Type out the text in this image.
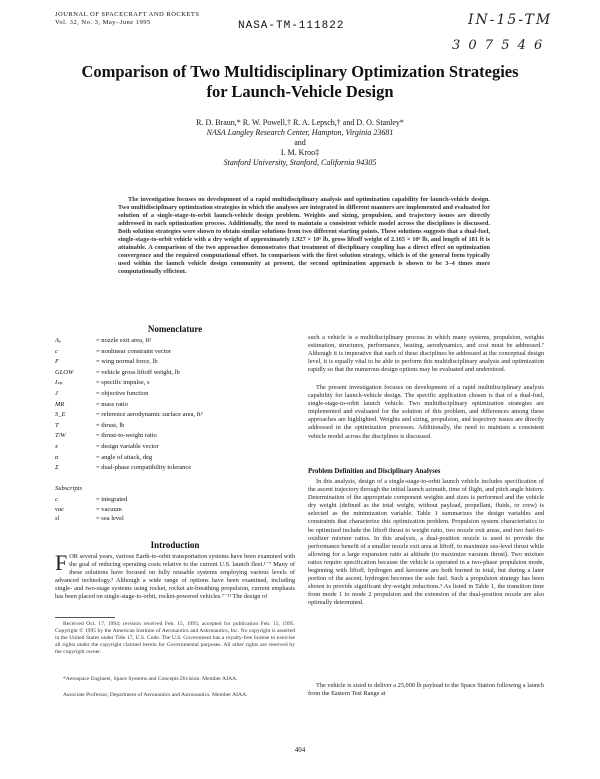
JOURNAL OF SPACECRAFT AND ROCKETS
Vol. 32, No. 3, May–June 1995	NASA-TM-111822	IN-15-TM
3 0 7 5 4 6
Comparison of Two Multidisciplinary Optimization Strategies
for Launch-Vehicle Design
R. D. Braun,* R. W. Powell,† R. A. Lepsch,† and D. O. Stanley*
NASA Langley Research Center, Hampton, Virginia 23681
and
I. M. Kroo‡
Stanford University, Stanford, California 94305
The investigation focuses on development of a rapid multidisciplinary analysis and optimization capability for launch-vehicle design. Two multidisciplinary optimization strategies in which the analyses are integrated in different manners are implemented and evaluated for solution of a single-stage-to-orbit launch-vehicle design problem. Weights and sizing, propulsion, and trajectory issues are directly addressed in each optimization process. Additionally, the need to maintain a consistent vehicle model across the disciplines is discussed. Both solution strategies were shown to obtain similar solutions from two different starting points. These solutions suggests that a dual-fuel, single-stage-to-orbit vehicle with a dry weight of approximately 1.927 × 10⁵ lb, gross liftoff weight of 2.165 × 10⁶ lb, and length of 181 ft is attainable. A comparison of the two approaches demonstrates that treatment of disciplinary coupling has a direct effect on optimization convergence and the required computational effort. In comparison with the first solution strategy, which is of the general form typically used within the launch vehicle design community at present, the second optimization approach is shown to be 3–4 times more computationally efficient.
Nomenclature
Aₑ	= nozzle exit area, ft²
c	= nonlinear constraint vector
F	= wing normal force, lb
GLOW	= vehicle gross liftoff weight, lb
Iₛₚ	= specific impulse, s
J	= objective function
MR	= mass ratio
S_E	= reference aerodynamic surface area, ft²
T	= thrust, lb
T/W	= thrust-to-weight ratio
x	= design variable vector
α	= angle of attack, deg
Σ	= dual-phase compatibility tolerance
Subscripts
c	= integrated
vac	= vacuum
sl	= sea level
Introduction
FOR several years, various Earth-to-orbit transportation systems have been examined with the goal of reducing operating costs relative to the current U.S. launch fleet.¹⁻⁷ Many of these solutions have focused on fully reusable systems employing various levels of advanced technology.³ Although a wide range of options have been examined, including single- and two-stage systems using rocket, rocket air-breathing propulsion, current emphasis has been placed on single-stage-to-orbit, rocket-powered vehicles.⁷⁻¹¹ The design of
Received Oct. 17, 1994; revision received Feb. 15, 1995; accepted for publication Feb. 15, 1995. Copyright © 1995 by the American Institute of Aeronautics and Astronautics, Inc. No copyright is asserted in the United States under Title 17, U.S. Code. The U.S. Government has a royalty-free license to exercise all rights under the copyright claimed herein for Governmental purposes. All other rights are reserved by the copyright owner.
*Aerospace Engineer, Space Systems and Concepts Division. Member AIAA.
Associate Professor, Department of Aeronautics and Astronautics. Member AIAA.
such a vehicle is a multidisciplinary process in which many systems, propulsion, weights estimation, structures, performance, heating, aerodynamics, and cost must be addressed.⁷ Although it is imperative that each of these disciplines be addressed at the conceptual design level, it is equally vital to be able to perform this multidisciplinary analysis and optimization rapidly so that the numerous design options may be evaluated and understood.
The present investigation focuses on development of a rapid multidisciplinary analysis capability for launch-vehicle design. The specific application chosen is that of a dual-fuel, single-stage-to-orbit launch vehicle. Two multidisciplinary optimization strategies are implemented and evaluated for the solution of this problem, and differences among these approaches are highlighted. Weights and sizing, propulsion, and trajectory issues are directly addressed in the optimization processes. Additionally, the need to maintain a consistent vehicle model across the disciplines is discussed.
Problem Definition and Disciplinary Analyses
In this analysis, design of a single-stage-to-orbit launch vehicle includes specification of the ascent trajectory through the initial launch azimuth, time of flight, and pitch angle history. Determination of the appropriate component weights and sizes is performed and the vehicle dry weight (defined as the total weight, without payload, propellant, fluids, or crew) is selected as the minimization variable. Table 1 summarizes the design variables and constraints that characterize this optimization problem. Propulsion system characteristics to be optimized include the liftoff thrust to weight ratio, two nozzle exit areas, and two fuel-to-oxidizer mixture ratios. In this analysis, a dual-position nozzle is used to provide the performance benefit of a smaller nozzle exit area at liftoff, to maximize sea-level thrust while allowing for a large expansion ratio at altitude (to maximize vacuum thrust). Two mixture ratios require specification because the vehicle is operated in a two-phase propulsion mode, beginning with liftoff, hydrogen and kerosene are both burned in total, but during a later portion of the ascent, hydrogen becomes the sole fuel. Such a propulsion strategy has been shown to provide significant dry-weight reductions.⁹ As listed in Table 1, the transition time from mode 1 to mode 2 propulsion and the extension of the dual-position nozzle are also optimally determined.
The vehicle is sized to deliver a 25,000 lb payload to the Space Station following a launch from the Eastern Test Range at
404
